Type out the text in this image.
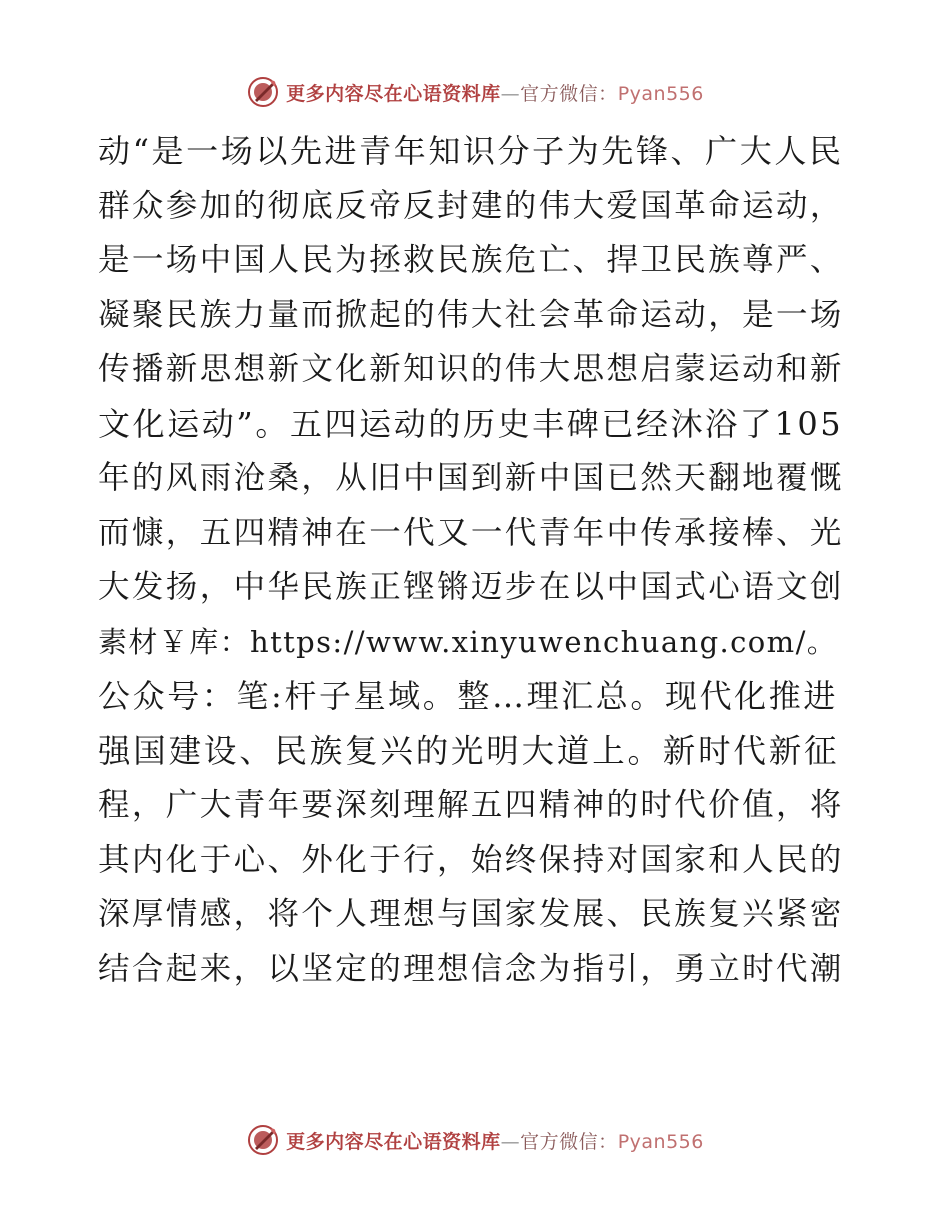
更多内容尽在心语资料库—官方微信：Pyan556
动“是一场以先进青年知识分子为先锋、广大人民
群众参加的彻底反帝反封建的伟大爱国革命运动，
是一场中国人民为拯救民族危亡、捍卫民族尊严、
凝聚民族力量而掀起的伟大社会革命运动，是一场
传播新思想新文化新知识的伟大思想启蒙运动和新
文化运动”。五四运动的历史丰碑已经沐浴了105
年的风雨沧桑，从旧中国到新中国已然天翻地覆慨
而慷，五四精神在一代又一代青年中传承接棒、光
大发扬，中华民族正铿锵迈步在以中国式心语文创
素材￥库：https://www.xinyuwenchuang.com/。
公众号：笔:杆子星域。整…理汇总。现代化推进
强国建设、民族复兴的光明大道上。新时代新征
程，广大青年要深刻理解五四精神的时代价值，将
其内化于心、外化于行，始终保持对国家和人民的
深厚情感，将个人理想与国家发展、民族复兴紧密
结合起来，以坚定的理想信念为指引，勇立时代潮
更多内容尽在心语资料库—官方微信：Pyan556
